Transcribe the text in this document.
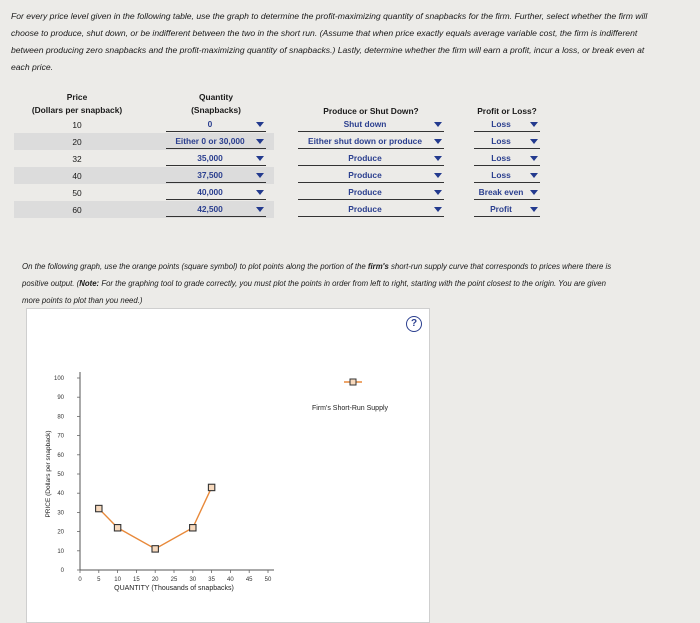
For every price level given in the following table, use the graph to determine the profit-maximizing quantity of snapbacks for the firm. Further, select whether the firm will choose to produce, shut down, or be indifferent between the two in the short run. (Assume that when price exactly equals average variable cost, the firm is indifferent between producing zero snapbacks and the profit-maximizing quantity of snapbacks.) Lastly, determine whether the firm will earn a profit, incur a loss, or break even at each price.
Price		Quantity		Produce or Shut Down?		Profit or Loss?
(Dollars per snapback)		(Snapbacks)				
10		0		Shut down		Loss

20		Either 0 or 30,000		Either shut down or produce		Loss

32		35,000		Produce		Loss

40		37,500		Produce		Loss

50		40,000		Produce		Break even

60		42,500		Produce		Profit
On the following graph, use the orange points (square symbol) to plot points along the portion of the firm's short-run supply curve that corresponds to prices where there is positive output. (Note: For the graphing tool to grade correctly, you must plot the points in order from left to right, starting with the point closest to the origin. You are given more points to plot than you need.)
0
10
20
30
40
50
60
70
80
90
100
0	5 10 15 20 25 30 35 40 45 50
QUANTITY (Thousands of snapbacks)
PRICE (Dollars per snapback)
Firm's Short-Run Supply
?
